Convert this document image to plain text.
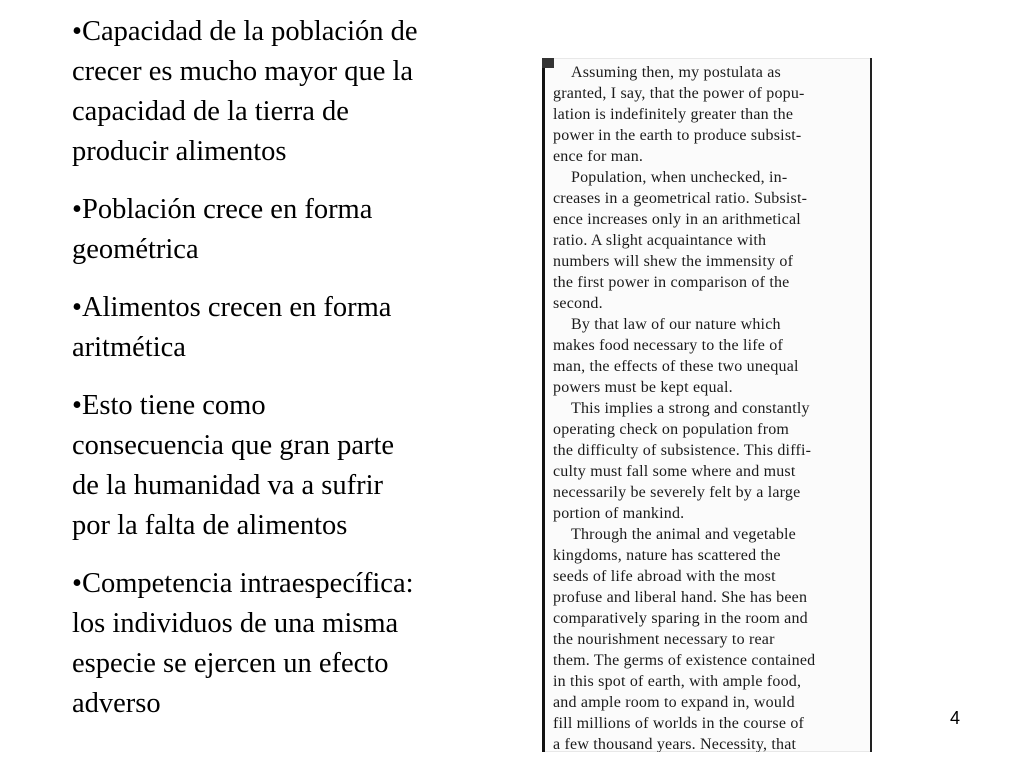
•Capacidad de la población de
crecer es mucho mayor que la
capacidad de la tierra de
producir alimentos
•Población crece en forma
geométrica
•Alimentos crecen en forma
aritmética
•Esto tiene como
consecuencia que gran parte
de la humanidad va a sufrir
por la falta de alimentos
•Competencia intraespecífica:
los individuos de una misma
especie se ejercen un efecto
adverso
Assuming then, my postulata as
granted, I say, that the power of popu-
lation is indefinitely greater than the
power in the earth to produce subsist-
ence for man.
Population, when unchecked, in-
creases in a geometrical ratio. Subsist-
ence increases only in an arithmetical
ratio. A slight acquaintance with
numbers will shew the immensity of
the first power in comparison of the
second.
By that law of our nature which
makes food necessary to the life of
man, the effects of these two unequal
powers must be kept equal.
This implies a strong and constantly
operating check on population from
the difficulty of subsistence. This diffi-
culty must fall some where and must
necessarily be severely felt by a large
portion of mankind.
Through the animal and vegetable
kingdoms, nature has scattered the
seeds of life abroad with the most
profuse and liberal hand. She has been
comparatively sparing in the room and
the nourishment necessary to rear
them. The germs of existence contained
in this spot of earth, with ample food,
and ample room to expand in, would
fill millions of worlds in the course of
a few thousand years. Necessity, that
4
